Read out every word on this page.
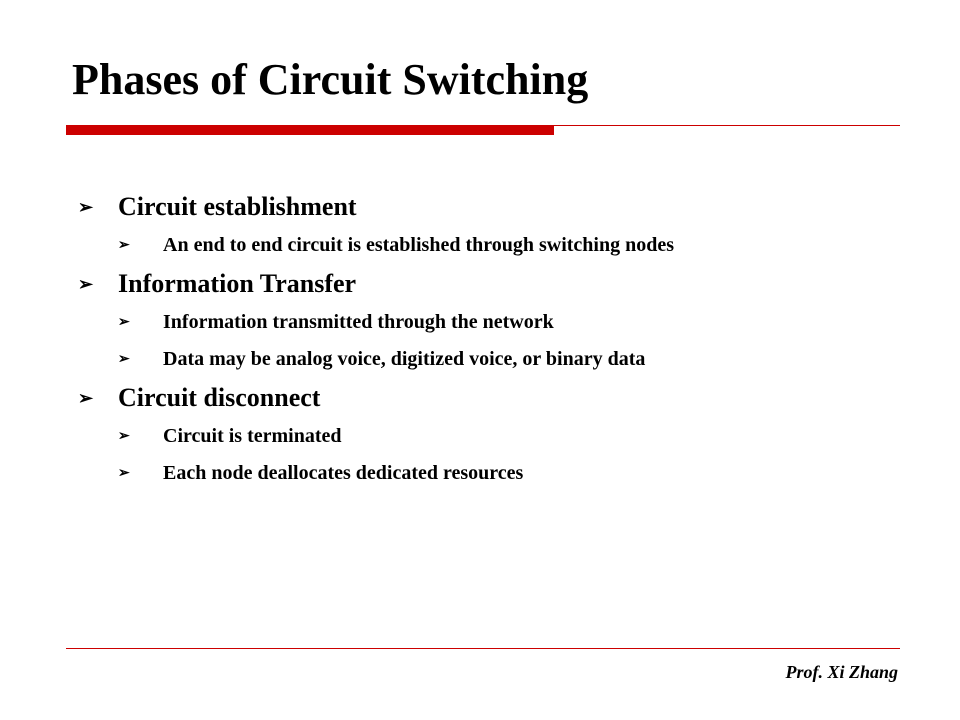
Phases of Circuit Switching
➢ Circuit establishment
➢	An end to end circuit is established through switching nodes
➢ Information Transfer
➢	Information transmitted through the network
➢	Data may be analog voice, digitized voice, or binary data
➢ Circuit disconnect
➢	Circuit is terminated
➢	Each node deallocates dedicated resources
Prof. Xi Zhang
